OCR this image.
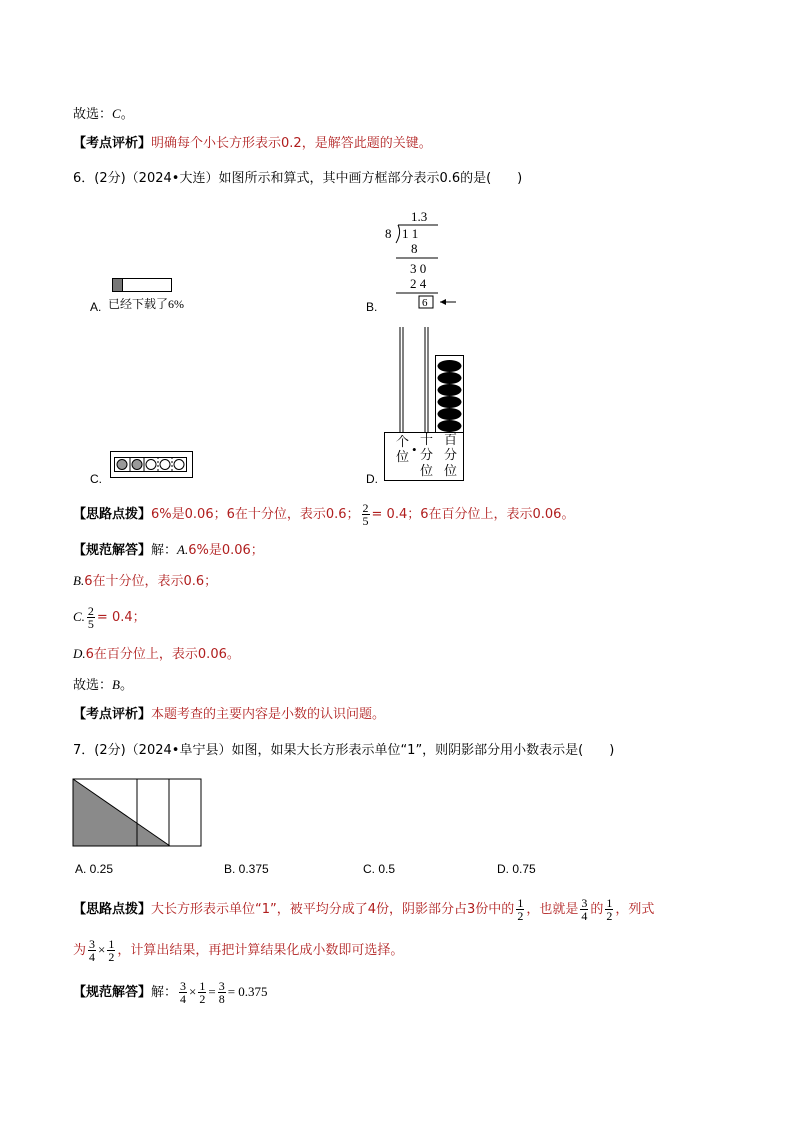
故选：C。
【考点评析】明确每个小长方形表示0.2，是解答此题的关键。
6．(2分)（2024•大连）如图所示和算式，其中画方框部分表示0.6的是(　　)
A. 已经下载了6%	B.
1.3
8 1 1
8
3 0
2 4
6
C.	D.
个
位 •
十
分
位
百
分
位
【思路点拨】6%是0.06；6在十分位，表示0.6； $\frac{2}{5} = 0.4$；6在百分位上，表示0.06。
【规范解答】解：A.6%是0.06；
B.6在十分位，表示0.6；
C. $\frac{2}{5} = 0.4$；
D.6在百分位上，表示0.06。
故选：B。
【考点评析】本题考查的主要内容是小数的认识问题。
7．(2分)（2024•阜宁县）如图，如果大长方形表示单位“1”，则阴影部分用小数表示是(　　)
A. 0.25	B. 0.375	C. 0.5	D. 0.75
【思路点拨】大长方形表示单位“1”，被平均分成了4份，阴影部分占3份中的 $\frac{1}{2}$ ，也就是 $\frac{3}{4}$ 的 $\frac{1}{2}$ ，列式
为 $\frac{3}{4} \times \frac{1}{2}$ ，计算出结果，再把计算结果化成小数即可选择。
【规范解答】解： $\frac{3}{4} \times \frac{1}{2} = \frac{3}{8} = 0.375$
